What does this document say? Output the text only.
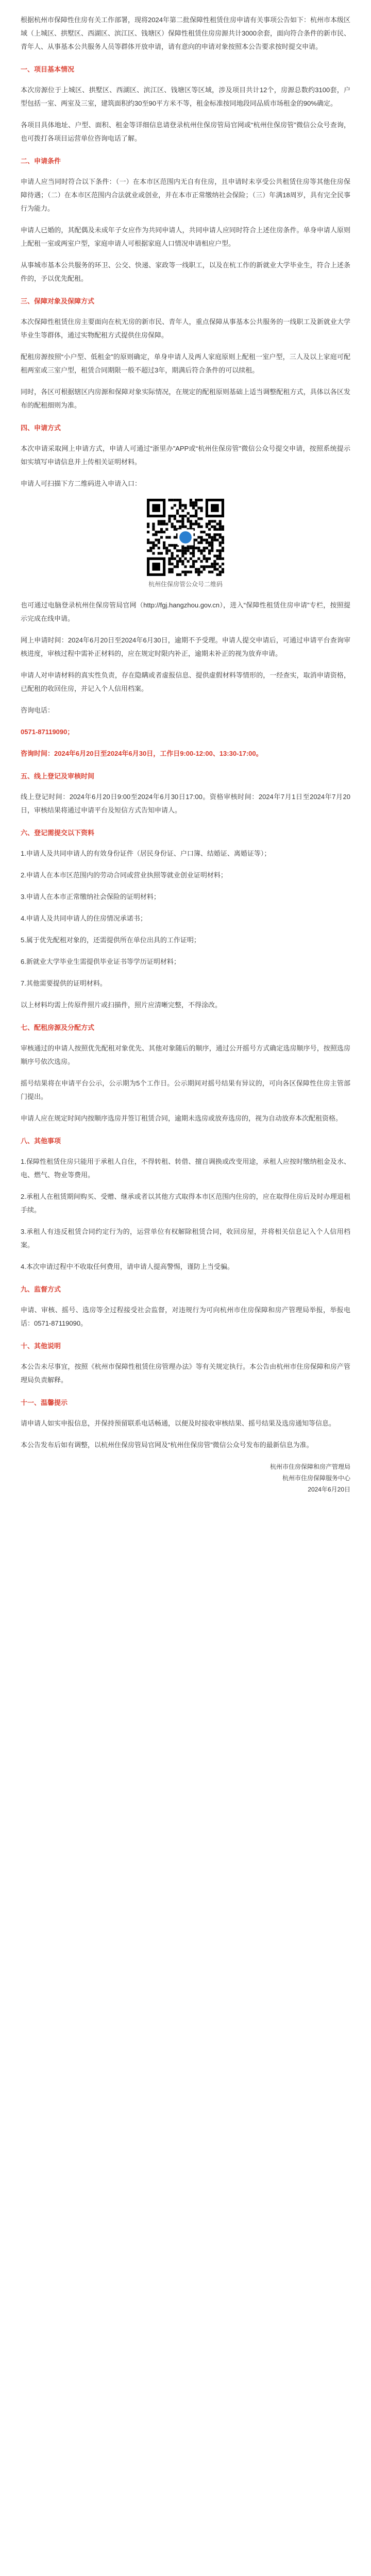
根据杭州市保障性住房有关工作部署，现将2024年第二批保障性租赁住房申请有关事项公告如下：杭州市本级区域（上城区、拱墅区、西湖区、滨江区、钱塘区）保障性租赁住房房源共计3000余套，面向符合条件的新市民、青年人、从事基本公共服务人员等群体开放申请，请有意向的申请对象按照本公告要求按时提交申请。

一、项目基本情况

本次房源位于上城区、拱墅区、西湖区、滨江区、钱塘区等区域，涉及项目共计12个，房源总数约3100套，户型包括一室、两室及三室，建筑面积约30至90平方米不等，租金标准按同地段同品质市场租金的90%确定。

各项目具体地址、户型、面积、租金等详细信息请登录杭州住保房管局官网或“杭州住保房管”微信公众号查询，也可拨打各项目运营单位咨询电话了解。

二、申请条件

申请人应当同时符合以下条件：（一）在本市区范围内无自有住房，且申请时未享受公共租赁住房等其他住房保障待遇；（二）在本市区范围内合法就业或创业，并在本市正常缴纳社会保险；（三）年满18周岁，具有完全民事行为能力。

申请人已婚的，其配偶及未成年子女应作为共同申请人，共同申请人应同时符合上述住房条件。单身申请人原则上配租一室或两室户型，家庭申请人可根据家庭人口情况申请相应户型。

从事城市基本公共服务的环卫、公交、快递、家政等一线职工，以及在杭工作的新就业大学毕业生，符合上述条件的，予以优先配租。

三、保障对象及保障方式

本次保障性租赁住房主要面向在杭无房的新市民、青年人，重点保障从事基本公共服务的一线职工及新就业大学毕业生等群体，通过实物配租方式提供住房保障。

配租房源按照“小户型、低租金”的原则确定，单身申请人及两人家庭原则上配租一室户型，三人及以上家庭可配租两室或三室户型，租赁合同期限一般不超过3年，期满后符合条件的可以续租。

同时，各区可根据辖区内房源和保障对象实际情况，在规定的配租原则基础上适当调整配租方式，具体以各区发布的配租细则为准。

四、申请方式

本次申请采取网上申请方式，申请人可通过“浙里办”APP或“杭州住保房管”微信公众号提交申请，按照系统提示如实填写申请信息并上传相关证明材料。

申请人可扫描下方二维码进入申请入口：

杭州住保房管公众号二维码

也可通过电脑登录杭州住保房管局官网（http://fgj.hangzhou.gov.cn），进入“保障性租赁住房申请”专栏，按照提示完成在线申请。

网上申请时间：2024年6月20日至2024年6月30日，逾期不予受理。申请人提交申请后，可通过申请平台查询审核进度，审核过程中需补正材料的，应在规定时限内补正，逾期未补正的视为放弃申请。

申请人对申请材料的真实性负责，存在隐瞒或者虚报信息、提供虚假材料等情形的，一经查实，取消申请资格，已配租的收回住房，并记入个人信用档案。

咨询电话：

0571-87119090；

咨询时间：2024年6月20日至2024年6月30日，工作日9:00-12:00、13:30-17:00。

五、线上登记及审核时间

线上登记时间：2024年6月20日9:00至2024年6月30日17:00。资格审核时间：2024年7月1日至2024年7月20日，审核结果将通过申请平台及短信方式告知申请人。

六、登记需提交以下资料

1.申请人及共同申请人的有效身份证件（居民身份证、户口簿、结婚证、离婚证等）；

2.申请人在本市区范围内的劳动合同或营业执照等就业创业证明材料；

3.申请人在本市正常缴纳社会保险的证明材料；

4.申请人及共同申请人的住房情况承诺书；

5.属于优先配租对象的，还需提供所在单位出具的工作证明；

6.新就业大学毕业生需提供毕业证书等学历证明材料；

7.其他需要提供的证明材料。

以上材料均需上传原件照片或扫描件，照片应清晰完整，不得涂改。

七、配租房源及分配方式

审核通过的申请人按照优先配租对象优先、其他对象随后的顺序，通过公开摇号方式确定选房顺序号，按照选房顺序号依次选房。

摇号结果将在申请平台公示，公示期为5个工作日。公示期间对摇号结果有异议的，可向各区保障性住房主管部门提出。

申请人应在规定时间内按顺序选房并签订租赁合同，逾期未选房或放弃选房的，视为自动放弃本次配租资格。

八、其他事项

1.保障性租赁住房只能用于承租人自住，不得转租、转借、擅自调换或改变用途，承租人应按时缴纳租金及水、电、燃气、物业等费用。

2.承租人在租赁期间购买、受赠、继承或者以其他方式取得本市区范围内住房的，应在取得住房后及时办理退租手续。

3.承租人有违反租赁合同约定行为的，运营单位有权解除租赁合同，收回房屋，并将相关信息记入个人信用档案。

4.本次申请过程中不收取任何费用，请申请人提高警惕，谨防上当受骗。

九、监督方式

申请、审核、摇号、选房等全过程接受社会监督，对违规行为可向杭州市住房保障和房产管理局举报，举报电话：0571-87119090。

十、其他说明

本公告未尽事宜，按照《杭州市保障性租赁住房管理办法》等有关规定执行。本公告由杭州市住房保障和房产管理局负责解释。

十一、温馨提示

请申请人如实申报信息，并保持预留联系电话畅通，以便及时接收审核结果、摇号结果及选房通知等信息。

本公告发布后如有调整，以杭州住保房管局官网及“杭州住保房管”微信公众号发布的最新信息为准。

杭州市住房保障和房产管理局

杭州市住房保障服务中心

2024年6月20日
